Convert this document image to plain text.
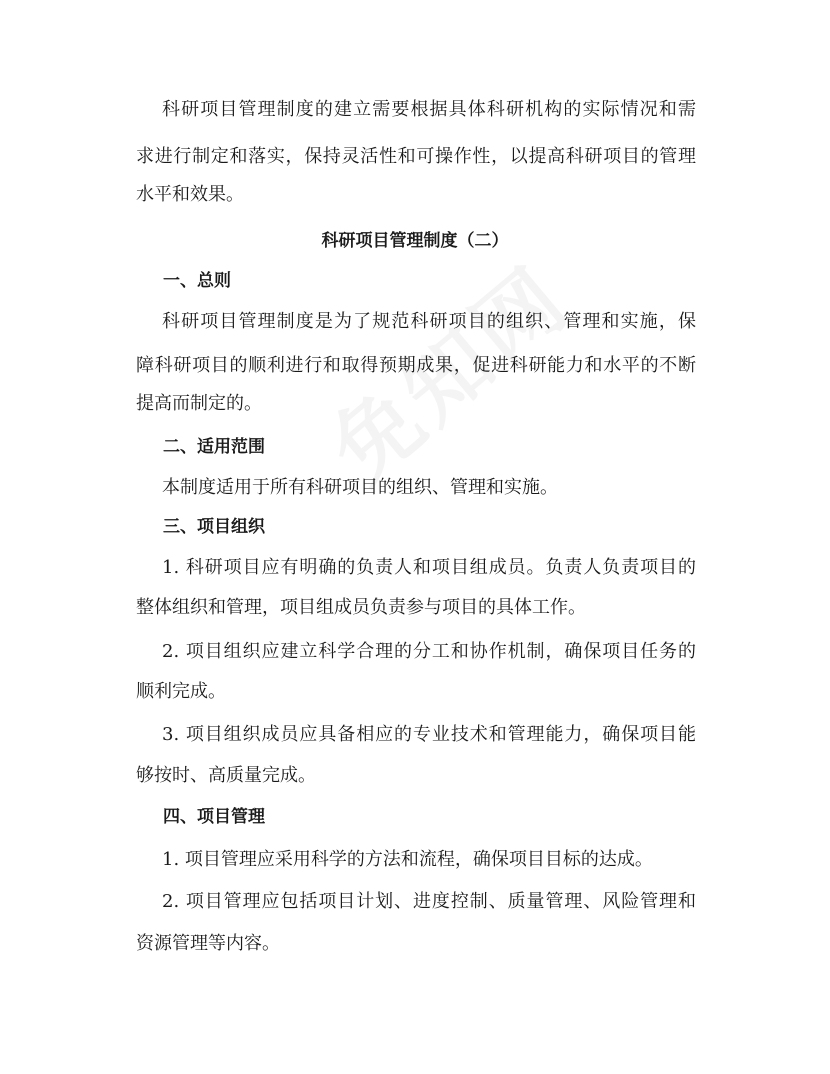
科研项目管理制度的建立需要根据具体科研机构的实际情况和需
求进行制定和落实，保持灵活性和可操作性，以提高科研项目的管理
水平和效果。
科研项目管理制度（二）
一、总则
科研项目管理制度是为了规范科研项目的组织、管理和实施，保
障科研项目的顺利进行和取得预期成果，促进科研能力和水平的不断
提高而制定的。
二、适用范围
本制度适用于所有科研项目的组织、管理和实施。
三、项目组织
1. 科研项目应有明确的负责人和项目组成员。负责人负责项目的
整体组织和管理，项目组成员负责参与项目的具体工作。
2. 项目组织应建立科学合理的分工和协作机制，确保项目任务的
顺利完成。
3. 项目组织成员应具备相应的专业技术和管理能力，确保项目能
够按时、高质量完成。
四、项目管理
1. 项目管理应采用科学的方法和流程，确保项目目标的达成。
2. 项目管理应包括项目计划、进度控制、质量管理、风险管理和
资源管理等内容。
